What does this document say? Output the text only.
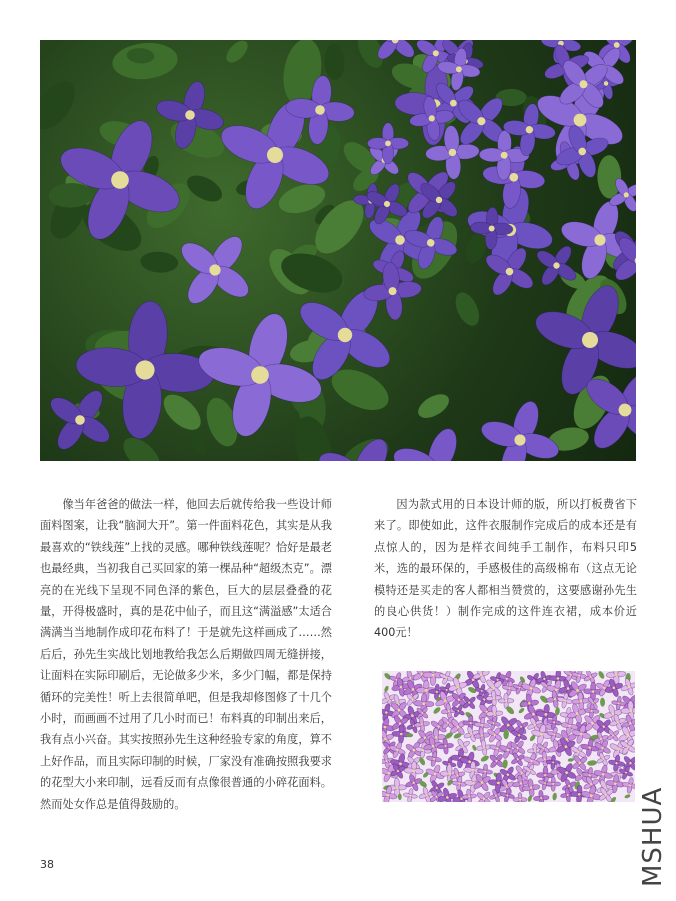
像当年爸爸的做法一样，他回去后就传给我一些设计师面料图案，让我“脑洞大开”。第一件面料花色，其实是从我最喜欢的“铁线莲”上找的灵感。哪种铁线莲呢？恰好是最老也最经典，当初我自己买回家的第一棵品种“超级杰克”。漂亮的在光线下呈现不同色泽的紫色，巨大的层层叠叠的花量，开得极盛时，真的是花中仙子，而且这“满溢感”太适合满满当当地制作成印花布料了！于是就先这样画成了……然后后，孙先生实战比划地教给我怎么后期做四周无缝拼接，让面料在实际印刷后，无论做多少米，多少门幅，都是保持循环的完美性！听上去很简单吧，但是我却修图修了十几个小时，而画画不过用了几小时而已！布料真的印制出来后，我有点小兴奋。其实按照孙先生这种经验专家的角度，算不上好作品，而且实际印制的时候，厂家没有准确按照我要求的花型大小来印制，远看反而有点像很普通的小碎花面料。然而处女作总是值得鼓励的。

因为款式用的日本设计师的版，所以打板费省下来了。即使如此，这件衣服制作完成后的成本还是有点惊人的，因为是样衣间纯手工制作，布料只印5米，选的最环保的，手感极佳的高级棉布（这点无论模特还是买走的客人都相当赞赏的，这要感谢孙先生的良心供货！）制作完成的这件连衣裙，成本价近400元！

38	MSHUA
